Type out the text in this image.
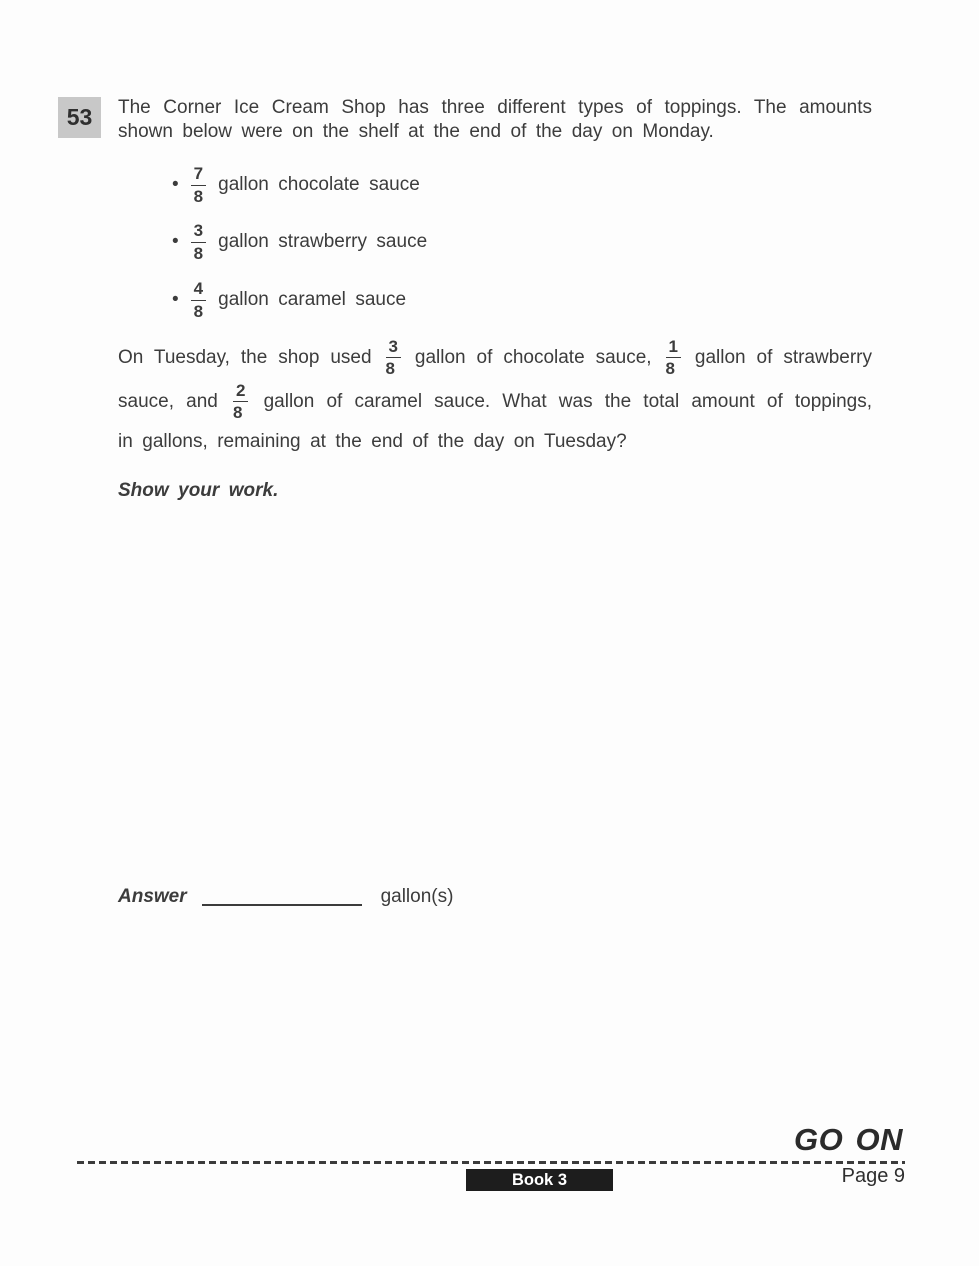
53	The Corner Ice Cream Shop has three different types of toppings. The amounts
shown below were on the shelf at the end of the day on Monday.
• $\frac{7}{8}$ gallon chocolate sauce
• $\frac{3}{8}$ gallon strawberry sauce
• $\frac{4}{8}$ gallon caramel sauce
On Tuesday, the shop used $\frac{3}{8}$ gallon of chocolate sauce, $\frac{1}{8}$ gallon of strawberry
sauce, and $\frac{2}{8}$ gallon of caramel sauce. What was the total amount of toppings,
in gallons, remaining at the end of the day on Tuesday?
Show your work.
Answer	gallon(s)
GO ON
Book 3	Page 9
